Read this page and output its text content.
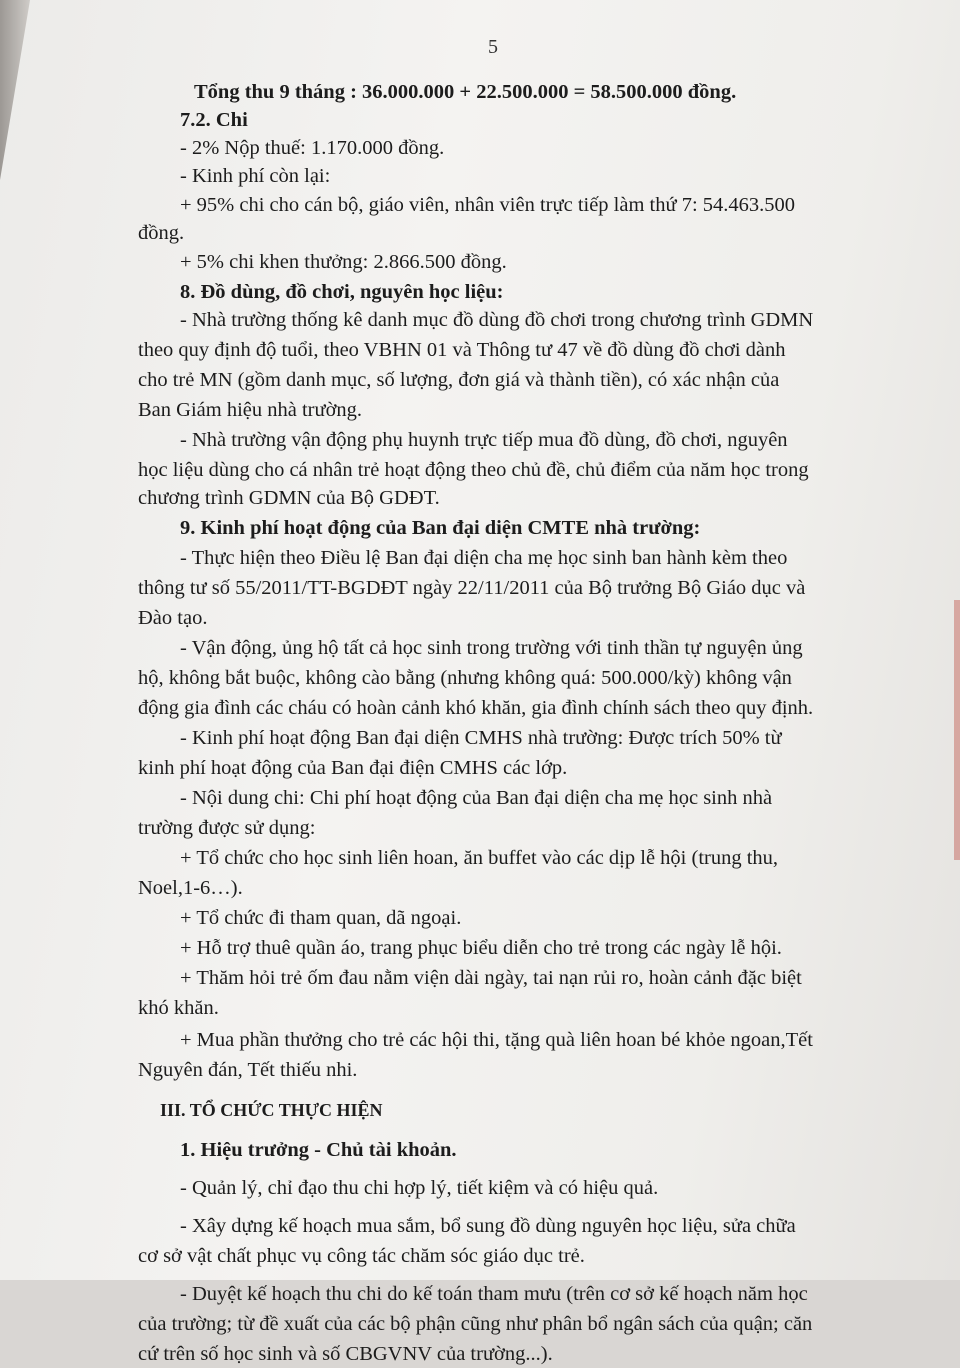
5
Tổng thu 9 tháng : 36.000.000 + 22.500.000 = 58.500.000 đồng.
7.2. Chi
- 2% Nộp thuế: 1.170.000 đồng.
- Kinh phí còn lại:
+ 95% chi cho cán bộ, giáo viên, nhân viên trực tiếp làm thứ 7: 54.463.500
đồng.
+ 5% chi khen thưởng: 2.866.500 đồng.
8. Đồ dùng, đồ chơi, nguyên học liệu:
- Nhà trường thống kê danh mục đồ dùng đồ chơi trong chương trình GDMN
theo quy định độ tuổi, theo VBHN 01 và Thông tư 47 về đồ dùng đồ chơi dành
cho trẻ MN (gồm danh mục, số lượng, đơn giá và thành tiền), có xác nhận của
Ban Giám hiệu nhà trường.
- Nhà trường vận động phụ huynh trực tiếp mua đồ dùng, đồ chơi, nguyên
học liệu dùng cho cá nhân trẻ hoạt động theo chủ đề, chủ điểm của năm học trong
chương trình GDMN của Bộ GDĐT.
9. Kinh phí hoạt động của Ban đại diện CMTE nhà trường:
- Thực hiện theo Điều lệ Ban đại diện cha mẹ học sinh ban hành kèm theo
thông tư số 55/2011/TT-BGDĐT ngày 22/11/2011 của Bộ trưởng Bộ Giáo dục và
Đào tạo.
- Vận động, ủng hộ tất cả học sinh trong trường với tinh thần tự nguyện ủng
hộ, không bắt buộc, không cào bằng (nhưng không quá: 500.000/kỳ) không vận
động gia đình các cháu có hoàn cảnh khó khăn, gia đình chính sách theo quy định.
- Kinh phí hoạt động Ban đại diện CMHS nhà trường: Được trích 50% từ
kinh phí hoạt động của Ban đại điện CMHS các lớp.
- Nội dung chi: Chi phí hoạt động của Ban đại diện cha mẹ học sinh nhà
trường được sử dụng:
+ Tổ chức cho học sinh liên hoan, ăn buffet vào các dịp lễ hội (trung thu,
Noel,1-6…).
+ Tổ chức đi tham quan, dã ngoại.
+ Hỗ trợ thuê quần áo, trang phục biểu diễn cho trẻ trong các ngày lễ hội.
+ Thăm hỏi trẻ ốm đau nằm viện dài ngày, tai nạn rủi ro, hoàn cảnh đặc biệt
khó khăn.
+ Mua phần thưởng cho trẻ các hội thi, tặng quà liên hoan bé khỏe ngoan,Tết
Nguyên đán, Tết thiếu nhi.
III. TỔ CHỨC THỰC HIỆN
1. Hiệu trưởng - Chủ tài khoản.
- Quản lý, chỉ đạo thu chi hợp lý, tiết kiệm và có hiệu quả.
- Xây dựng kế hoạch mua sắm, bổ sung đồ dùng nguyên học liệu, sửa chữa
cơ sở vật chất phục vụ công tác chăm sóc giáo dục trẻ.
- Duyệt kế hoạch thu chi do kế toán tham mưu (trên cơ sở kế hoạch năm học
của trường; từ đề xuất của các bộ phận cũng như phân bổ ngân sách của quận; căn
cứ trên số học sinh và số CBGVNV của trường...).
